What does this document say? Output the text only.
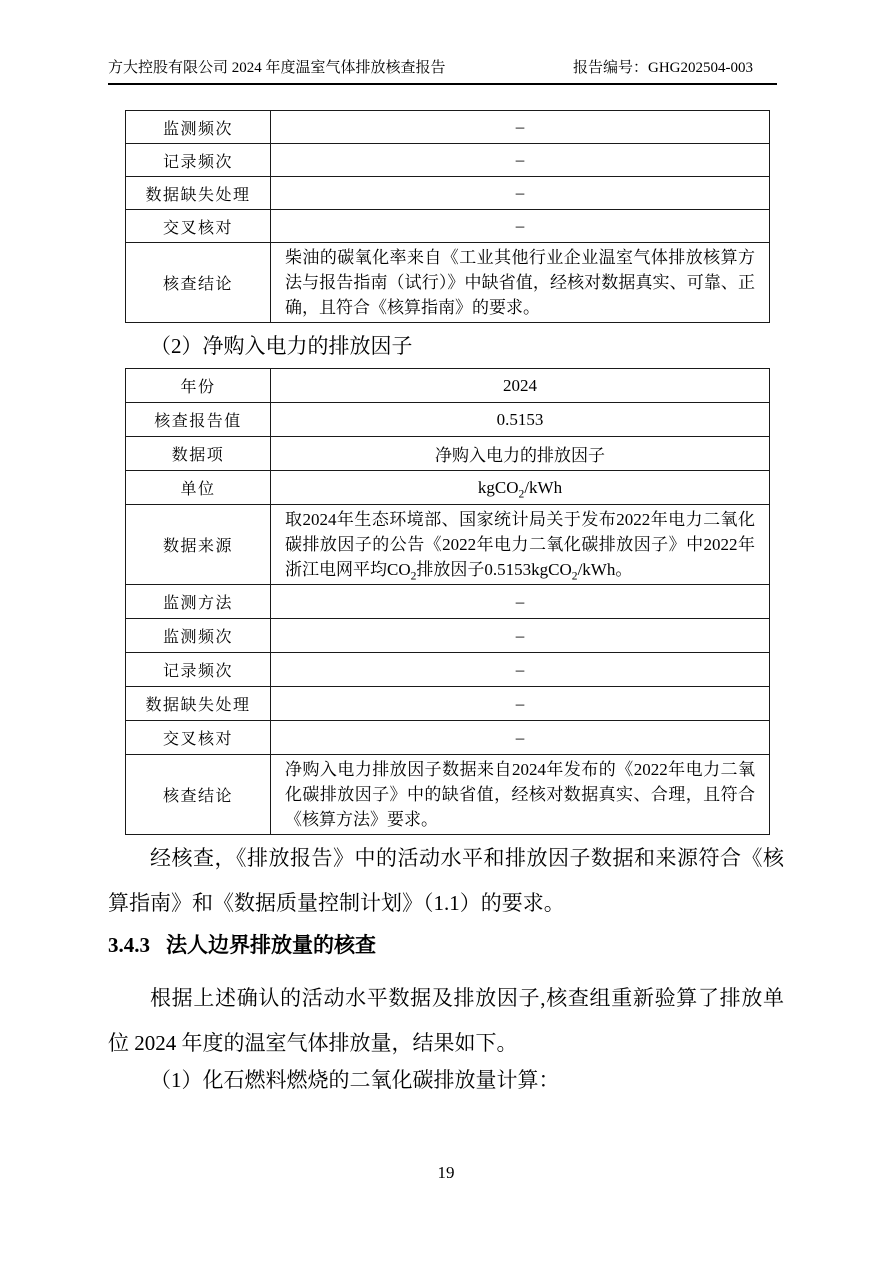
方大控股有限公司 2024 年度温室气体排放核查报告	报告编号：GHG202504-003
监测频次	–
记录频次	–
数据缺失处理	–
交叉核对	–
核查结论	柴油的碳氧化率来自《工业其他行业企业温室气体排放核算方法与报告指南（试行）》中缺省值，经核对数据真实、可靠、正确，且符合《核算指南》的要求。

（2）净购入电力的排放因子

年份	2024
核查报告值	0.5153
数据项	净购入电力的排放因子
单位	kgCO$_2$/kWh
数据来源	取2024年生态环境部、国家统计局关于发布2022年电力二氧化碳排放因子的公告《2022年电力二氧化碳排放因子》中2022年浙江电网平均$CO_2$排放因子0.5153kgCO$_2$/kWh。
监测方法	–
监测频次	–
记录频次	–
数据缺失处理	–
交叉核对	–
核查结论	净购入电力排放因子数据来自2024年发布的《2022年电力二氧化碳排放因子》中的缺省值，经核对数据真实、合理，且符合《核算方法》要求。

经核查，《排放报告》中的活动水平和排放因子数据和来源符合《核算指南》和《数据质量控制计划》（1.1）的要求。

3.4.3 法人边界排放量的核查

根据上述确认的活动水平数据及排放因子,核查组重新验算了排放单位 2024 年度的温室气体排放量，结果如下。

（1）化石燃料燃烧的二氧化碳排放量计算：

19
